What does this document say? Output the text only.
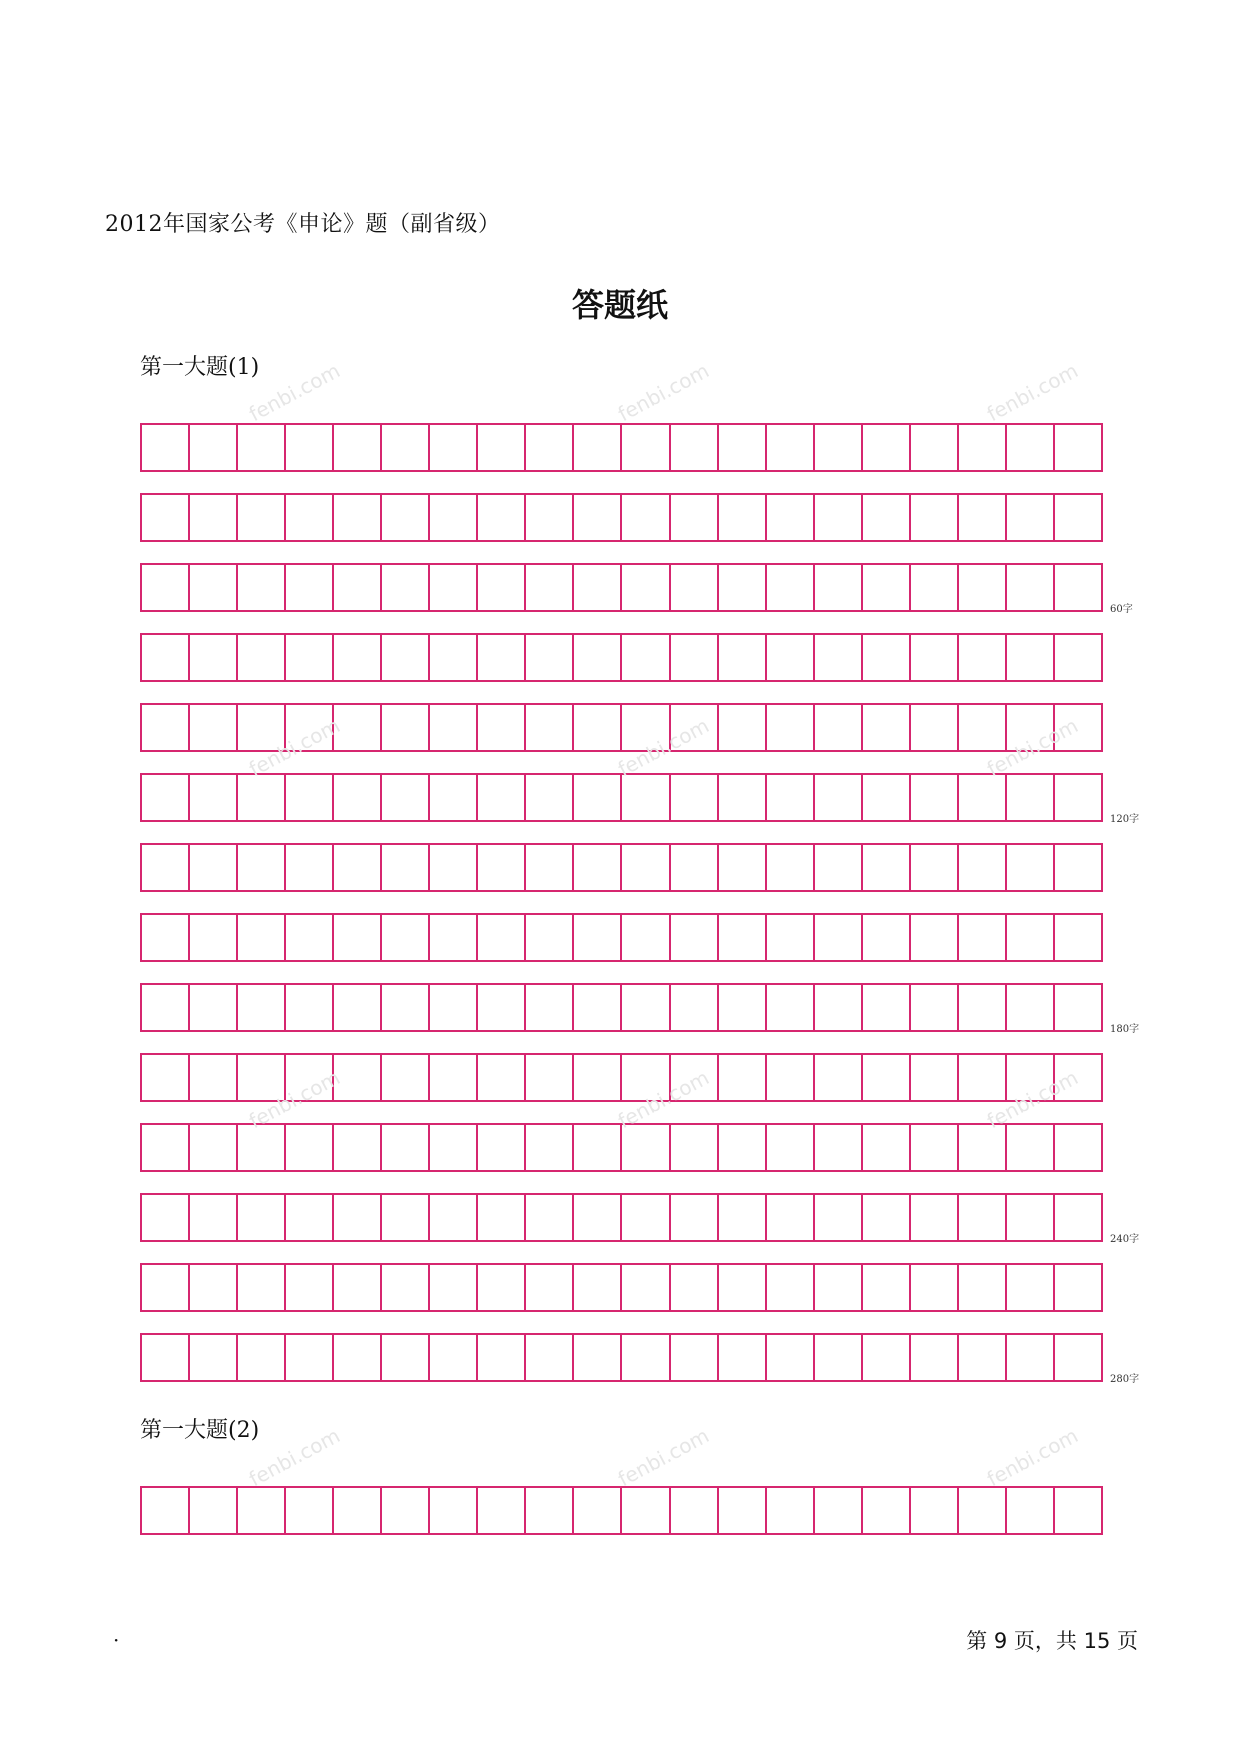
2012年国家公考《申论》题（副省级）
答题纸
第一大题(1)
第一大题(2)
fenbi.com	fenbi.com	fenbi.com
fenbi.com	fenbi.com	fenbi.com
fenbi.com	fenbi.com	fenbi.com
fenbi.com	fenbi.com	fenbi.com
·	第 9 页，共 15 页
60字
120字
180字
240字
280字
